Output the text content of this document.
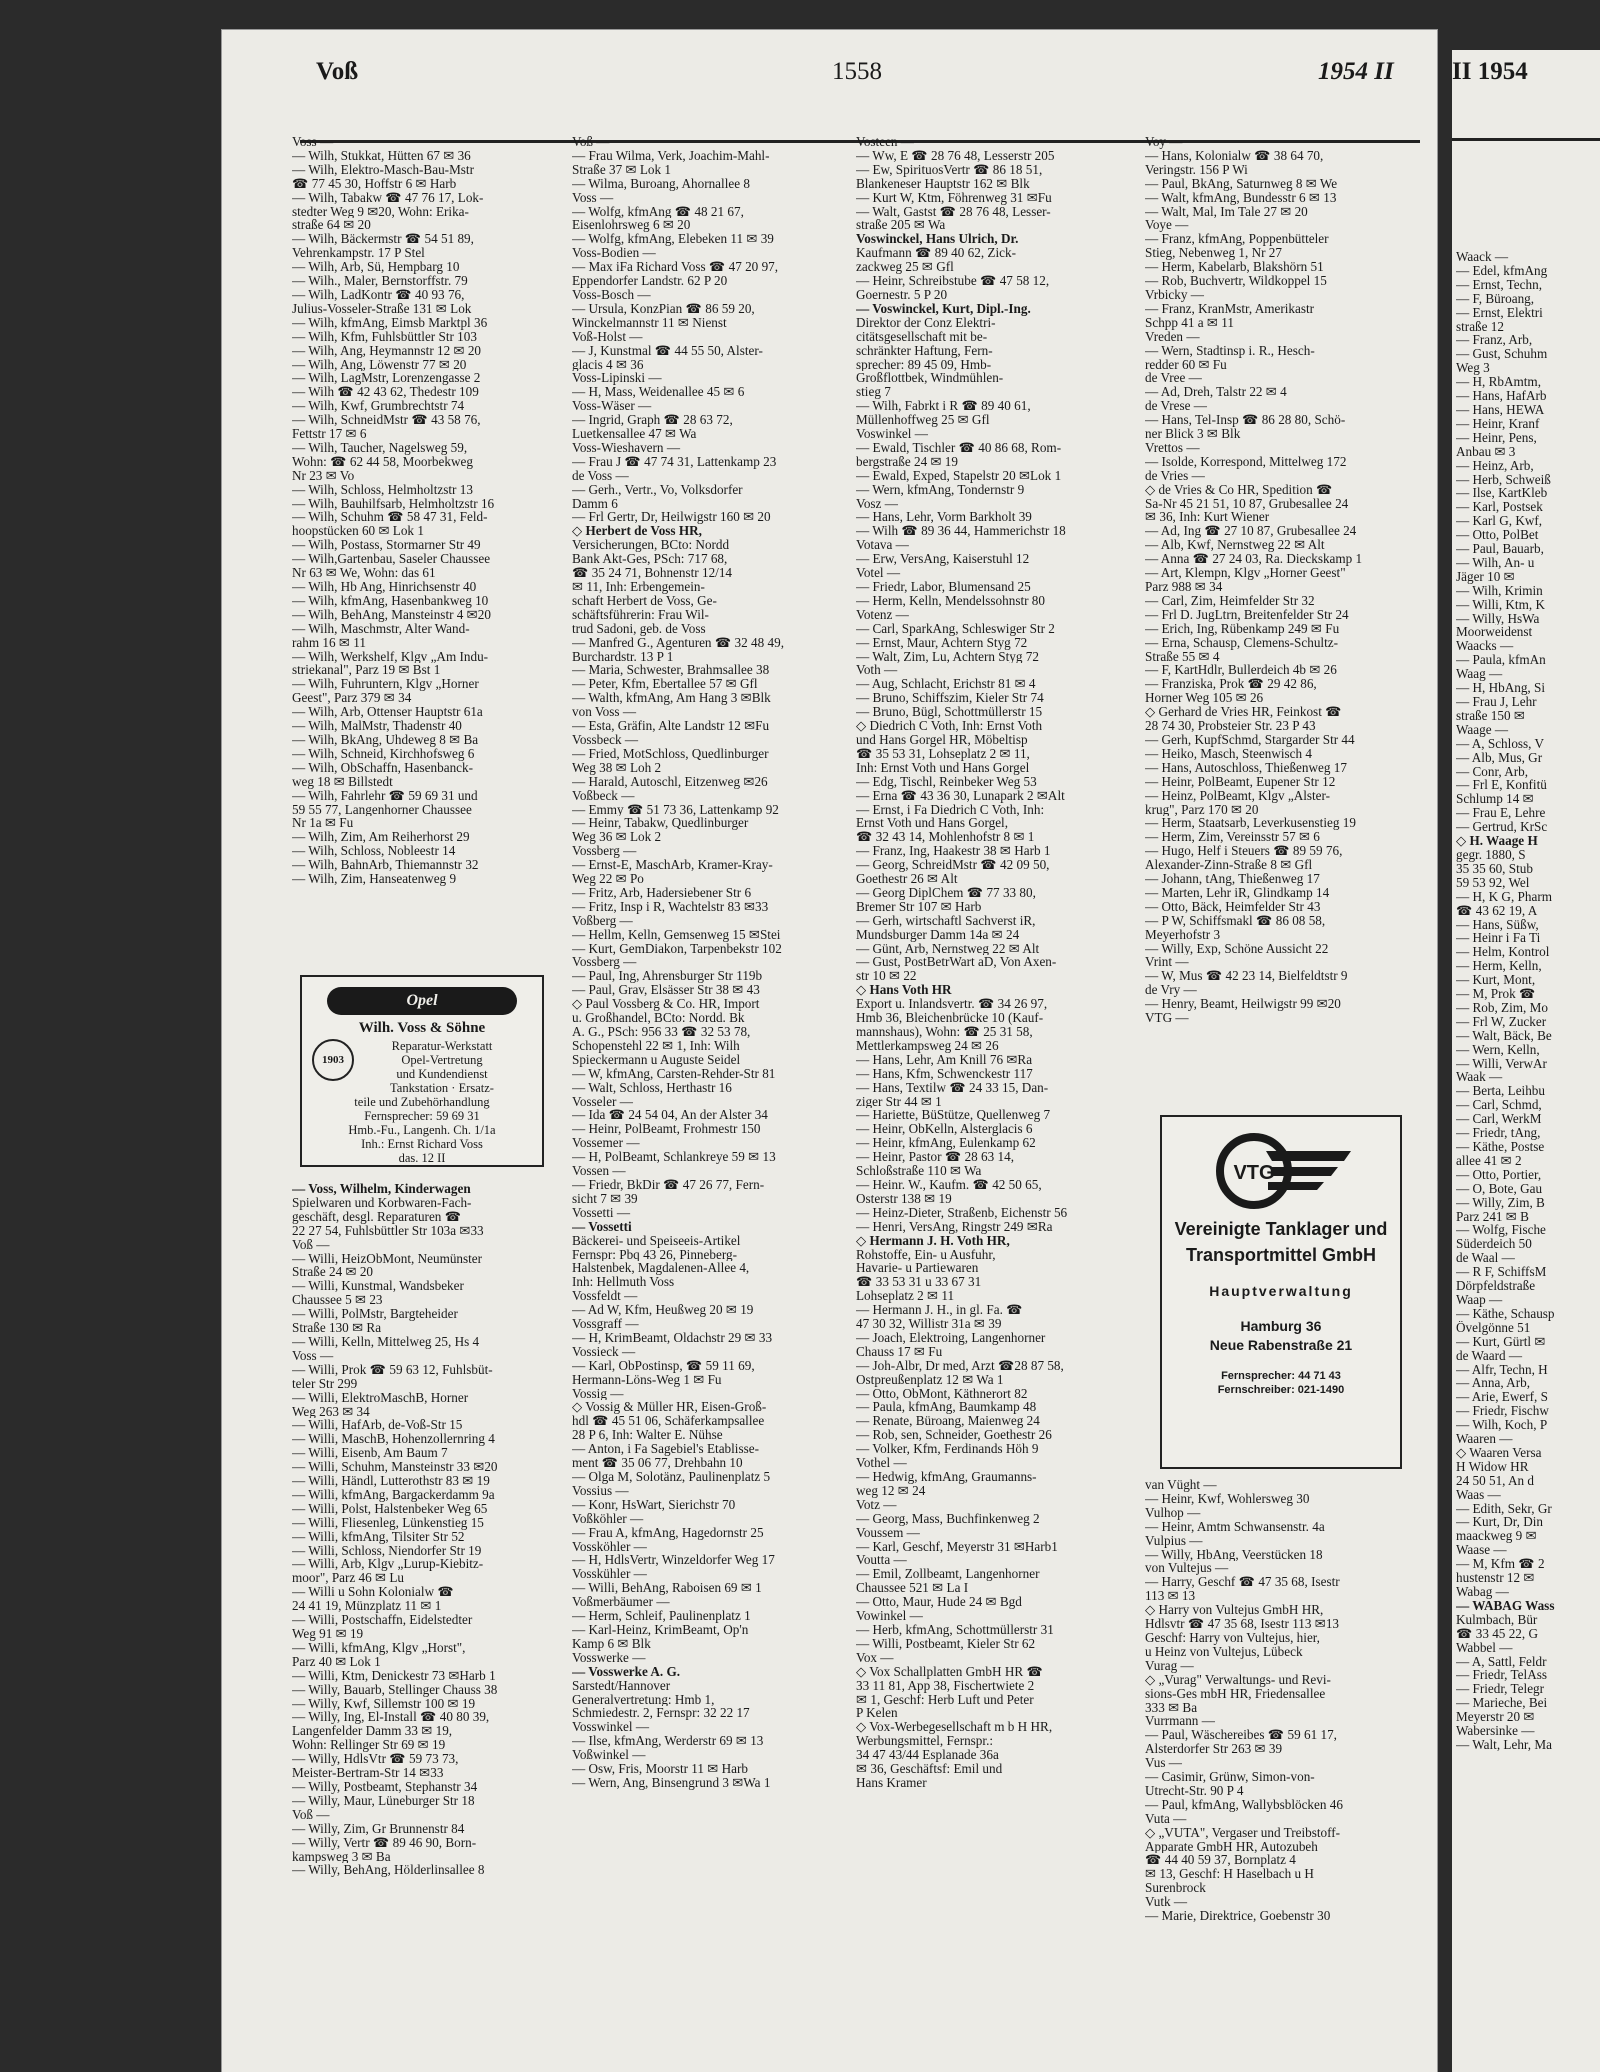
II 1954
Voß	1558	1954 II

Voss —

— Wilh, Stukkat, Hütten 67 ✉ 36

— Wilh, Elektro-Masch-Bau-Mstr

☎ 77 45 30, Hoffstr 6 ✉ Harb

— Wilh, Tabakw ☎ 47 76 17, Lok-

stedter Weg 9 ✉20, Wohn: Erika-

straße 64 ✉ 20

— Wilh, Bäckermstr ☎ 54 51 89,

Vehrenkampstr. 17 P Stel

— Wilh, Arb, Sü, Hempbarg 10

— Wilh., Maler, Bernstorffstr. 79

— Wilh, LadKontr ☎ 40 93 76,

Julius-Vosseler-Straße 131 ✉ Lok

— Wilh, kfmAng, Eimsb Marktpl 36

— Wilh, Kfm, Fuhlsbüttler Str 103

— Wilh, Ang, Heymannstr 12 ✉ 20

— Wilh, Ang, Löwenstr 77 ✉ 20

— Wilh, LagMstr, Lorenzengasse 2

— Wilh ☎ 42 43 62, Thedestr 109

— Wilh, Kwf, Grumbrechtstr 74

— Wilh, SchneidMstr ☎ 43 58 76,

Fettstr 17 ✉ 6

— Wilh, Taucher, Nagelsweg 59,

Wohn: ☎ 62 44 58, Moorbekweg

Nr 23 ✉ Vo

— Wilh, Schloss, Helmholtzstr 13

— Wilh, Bauhilfsarb, Helmholtzstr 16

— Wilh, Schuhm ☎ 58 47 31, Feld-

hoopstücken 60 ✉ Lok 1

— Wilh, Postass, Stormarner Str 49

— Wilh,Gartenbau, Saseler Chaussee

Nr 63 ✉ We, Wohn: das 61

— Wilh, Hb Ang, Hinrichsenstr 40

— Wilh, kfmAng, Hasenbankweg 10

— Wilh, BehAng, Mansteinstr 4 ✉20

— Wilh, Maschmstr, Alter Wand-

rahm 16 ✉ 11

— Wilh, Werkshelf, Klgv „Am Indu-

striekanal", Parz 19 ✉ Bst 1

— Wilh, Fuhruntern, Klgv „Horner

Geest", Parz 379 ✉ 34

— Wilh, Arb, Ottenser Hauptstr 61a

— Wilh, MalMstr, Thadenstr 40

— Wilh, BkAng, Uhdeweg 8 ✉ Ba

— Wilh, Schneid, Kirchhofsweg 6

— Wilh, ObSchaffn, Hasenbanck-

weg 18 ✉ Billstedt

— Wilh, Fahrlehr ☎ 59 69 31 und

59 55 77, Langenhorner Chaussee

Nr 1a ✉ Fu

— Wilh, Zim, Am Reiherhorst 29

— Wilh, Schloss, Nobleestr 14

— Wilh, BahnArb, Thiemannstr 32

— Wilh, Zim, Hanseatenweg 9

— Voss, Wilhelm, Kinderwagen

Spielwaren und Korbwaren-Fach-

geschäft, desgl. Reparaturen ☎

22 27 54, Fuhlsbüttler Str 103a ✉33

Voß —

— Willi, HeizObMont, Neumünster

Straße 24 ✉ 20

— Willi, Kunstmal, Wandsbeker

Chaussee 5 ✉ 23

— Willi, PolMstr, Bargteheider

Straße 130 ✉ Ra

— Willi, Kelln, Mittelweg 25, Hs 4

Voss —

— Willi, Prok ☎ 59 63 12, Fuhlsbüt-

teler Str 299

— Willi, ElektroMaschB, Horner

Weg 263 ✉ 34

— Willi, HafArb, de-Voß-Str 15

— Willi, MaschB, Hohenzollernring 4

— Willi, Eisenb, Am Baum 7

— Willi, Schuhm, Mansteinstr 33 ✉20

— Willi, Händl, Lutterothstr 83 ✉ 19

— Willi, kfmAng, Bargackerdamm 9a

— Willi, Polst, Halstenbeker Weg 65

— Willi, Fliesenleg, Lünkenstieg 15

— Willi, kfmAng, Tilsiter Str 52

— Willi, Schloss, Niendorfer Str 19

— Willi, Arb, Klgv „Lurup-Kiebitz-

moor", Parz 46 ✉ Lu

— Willi u Sohn Kolonialw ☎

24 41 19, Münzplatz 11 ✉ 1

— Willi, Postschaffn, Eidelstedter

Weg 91 ✉ 19

— Willi, kfmAng, Klgv „Horst",

Parz 40 ✉ Lok 1

— Willi, Ktm, Denickestr 73 ✉Harb 1

— Willy, Bauarb, Stellinger Chauss 38

— Willy, Kwf, Sillemstr 100 ✉ 19

— Willy, Ing, El-Install ☎ 40 80 39,

Langenfelder Damm 33 ✉ 19,

Wohn: Rellinger Str 69 ✉ 19

— Willy, HdlsVtr ☎ 59 73 73,

Meister-Bertram-Str 14 ✉33

— Willy, Postbeamt, Stephanstr 34

— Willy, Maur, Lüneburger Str 18

Voß —

— Willy, Zim, Gr Brunnenstr 84

— Willy, Vertr ☎ 89 46 90, Born-

kampsweg 3 ✉ Ba

— Willy, BehAng, Hölderlinsallee 8

Voß —

— Frau Wilma, Verk, Joachim-Mahl-

Straße 37 ✉ Lok 1

— Wilma, Buroang, Ahornallee 8

Voss —

— Wolfg, kfmAng ☎ 48 21 67,

Eisenlohrsweg 6 ✉ 20

— Wolfg, kfmAng, Elebeken 11 ✉ 39

Voss-Bodien —

— Max iFa Richard Voss ☎ 47 20 97,

Eppendorfer Landstr. 62 P 20

Voss-Bosch —

— Ursula, KonzPian ☎ 86 59 20,

Winckelmannstr 11 ✉ Nienst

Voß-Holst —

— J, Kunstmal ☎ 44 55 50, Alster-

glacis 4 ✉ 36

Voss-Lipinski —

— H, Mass, Weidenallee 45 ✉ 6

Voss-Wäser —

— Ingrid, Graph ☎ 28 63 72,

Luetkensallee 47 ✉ Wa

Voss-Wieshavern —

— Frau J ☎ 47 74 31, Lattenkamp 23

de Voss —

— Gerh., Vertr., Vo, Volksdorfer

Damm 6

— Frl Gertr, Dr, Heilwigstr 160 ✉ 20

◇ Herbert de Voss HR,

Versicherungen, BCto: Nordd

Bank Akt-Ges, PSch: 717 68,

☎ 35 24 71, Bohnenstr 12/14

✉ 11, Inh: Erbengemein-

schaft Herbert de Voss, Ge-

schäftsführerin: Frau Wil-

trud Sadoni, geb. de Voss

— Manfred G., Agenturen ☎ 32 48 49,

Burchardstr. 13 P 1

— Maria, Schwester, Brahmsallee 38

— Peter, Kfm, Ebertallee 57 ✉ Gfl

— Walth, kfmAng, Am Hang 3 ✉Blk

von Voss —

— Esta, Gräfin, Alte Landstr 12 ✉Fu

Vossbeck —

— Fried, MotSchloss, Quedlinburger

Weg 38 ✉ Loh 2

— Harald, Autoschl, Eitzenweg ✉26

Voßbeck —

— Emmy ☎ 51 73 36, Lattenkamp 92

— Heinr, Tabakw, Quedlinburger

Weg 36 ✉ Lok 2

Vossberg —

— Ernst-E, MaschArb, Kramer-Kray-

Weg 22 ✉ Po

— Fritz, Arb, Hadersiebener Str 6

— Fritz, Insp i R, Wachtelstr 83 ✉33

Voßberg —

— Hellm, Kelln, Gemsenweg 15 ✉Stei

— Kurt, GemDiakon, Tarpenbekstr 102

Vossberg —

— Paul, Ing, Ahrensburger Str 119b

— Paul, Grav, Elsässer Str 38 ✉ 43

◇ Paul Vossberg & Co. HR, Import

u. Großhandel, BCto: Nordd. Bk

A. G., PSch: 956 33 ☎ 32 53 78,

Schopenstehl 22 ✉ 1, Inh: Wilh

Spieckermann u Auguste Seidel

— W, kfmAng, Carsten-Rehder-Str 81

— Walt, Schloss, Herthastr 16

Vosseler —

— Ida ☎ 24 54 04, An der Alster 34

— Heinr, PolBeamt, Frohmestr 150

Vossemer —

— H, PolBeamt, Schlankreye 59 ✉ 13

Vossen —

— Friedr, BkDir ☎ 47 26 77, Fern-

sicht 7 ✉ 39

Vossetti —

— Vossetti

Bäckerei- und Speiseeis-Artikel

Fernspr: Pbq 43 26, Pinneberg-

Halstenbek, Magdalenen-Allee 4,

Inh: Hellmuth Voss

Vossfeldt —

— Ad W, Kfm, Heußweg 20 ✉ 19

Vossgraff —

— H, KrimBeamt, Oldachstr 29 ✉ 33

Vossieck —

— Karl, ObPostinsp, ☎ 59 11 69,

Hermann-Löns-Weg 1 ✉ Fu

Vossig —

◇ Vossig & Müller HR, Eisen-Groß-

hdl ☎ 45 51 06, Schäferkampsallee

28 P 6, Inh: Walter E. Nühse

— Anton, i Fa Sagebiel's Etablisse-

ment ☎ 35 06 77, Drehbahn 10

— Olga M, Solotänz, Paulinenplatz 5

Vossius —

— Konr, HsWart, Sierichstr 70

Voßköhler —

— Frau A, kfmAng, Hagedornstr 25

Vossköhler —

— H, HdlsVertr, Winzeldorfer Weg 17

Vosskühler —

— Willi, BehAng, Raboisen 69 ✉ 1

Voßmerbäumer —

— Herm, Schleif, Paulinenplatz 1

— Karl-Heinz, KrimBeamt, Op'n

Kamp 6 ✉ Blk

Vosswerke —

— Vosswerke A. G.

Sarstedt/Hannover

Generalvertretung: Hmb 1,

Schmiedestr. 2, Fernspr: 32 22 17

Vosswinkel —

— Ilse, kfmAng, Werderstr 69 ✉ 13

Voßwinkel —

— Osw, Fris, Moorstr 11 ✉ Harb

— Wern, Ang, Binsengrund 3 ✉Wa 1

Vosteen —

— Ww, E ☎ 28 76 48, Lesserstr 205

— Ew, SpirituosVertr ☎ 86 18 51,

Blankeneser Hauptstr 162 ✉ Blk

— Kurt W, Ktm, Föhrenweg 31 ✉Fu

— Walt, Gastst ☎ 28 76 48, Lesser-

straße 205 ✉ Wa

Voswinckel, Hans Ulrich, Dr.

Kaufmann ☎ 89 40 62, Zick-

zackweg 25 ✉ Gfl

— Heinr, Schreibstube ☎ 47 58 12,

Goernestr. 5 P 20

— Voswinckel, Kurt, Dipl.-Ing.

Direktor der Conz Elektri-

citätsgesellschaft mit be-

schränkter Haftung, Fern-

sprecher: 89 45 09, Hmb-

Großflottbek, Windmühlen-

stieg 7

— Wilh, Fabrkt i R ☎ 89 40 61,

Müllenhoffweg 25 ✉ Gfl

Voswinkel —

— Ewald, Tischler ☎ 40 86 68, Rom-

bergstraße 24 ✉ 19

— Ewald, Exped, Stapelstr 20 ✉Lok 1

— Wern, kfmAng, Tondernstr 9

Vosz —

— Hans, Lehr, Vorm Barkholt 39

— Wilh ☎ 89 36 44, Hammerichstr 18

Votava —

— Erw, VersAng, Kaiserstuhl 12

Votel —

— Friedr, Labor, Blumensand 25

— Herm, Kelln, Mendelssohnstr 80

Votenz —

— Carl, SparkAng, Schleswiger Str 2

— Ernst, Maur, Achtern Styg 72

— Walt, Zim, Lu, Achtern Styg 72

Voth —

— Aug, Schlacht, Erichstr 81 ✉ 4

— Bruno, Schiffszim, Kieler Str 74

— Bruno, Bügl, Schottmüllerstr 15

◇ Diedrich C Voth, Inh: Ernst Voth

und Hans Gorgel HR, Möbeltisp

☎ 35 53 31, Lohseplatz 2 ✉ 11,

Inh: Ernst Voth und Hans Gorgel

— Edg, Tischl, Reinbeker Weg 53

— Erna ☎ 43 36 30, Lunapark 2 ✉Alt

— Ernst, i Fa Diedrich C Voth, Inh:

Ernst Voth und Hans Gorgel,

☎ 32 43 14, Mohlenhofstr 8 ✉ 1

— Franz, Ing, Haakestr 38 ✉ Harb 1

— Georg, SchreidMstr ☎ 42 09 50,

Goethestr 26 ✉ Alt

— Georg DiplChem ☎ 77 33 80,

Bremer Str 107 ✉ Harb

— Gerh, wirtschaftl Sachverst iR,

Mundsburger Damm 14a ✉ 24

— Günt, Arb, Nernstweg 22 ✉ Alt

— Gust, PostBetrWart aD, Von Axen-

str 10 ✉ 22

◇ Hans Voth HR

Export u. Inlandsvertr. ☎ 34 26 97,

Hmb 36, Bleichenbrücke 10 (Kauf-

mannshaus), Wohn: ☎ 25 31 58,

Mettlerkampsweg 24 ✉ 26

— Hans, Lehr, Am Knill 76 ✉Ra

— Hans, Kfm, Schwenckestr 117

— Hans, Textilw ☎ 24 33 15, Dan-

ziger Str 44 ✉ 1

— Hariette, BüStütze, Quellenweg 7

— Heinr, ObKelln, Alsterglacis 6

— Heinr, kfmAng, Eulenkamp 62

— Heinr, Pastor ☎ 28 63 14,

Schloßstraße 110 ✉ Wa

— Heinr. W., Kaufm. ☎ 42 50 65,

Osterstr 138 ✉ 19

— Heinz-Dieter, Straßenb, Eichenstr 56

— Henri, VersAng, Ringstr 249 ✉Ra

◇ Hermann J. H. Voth HR,

Rohstoffe, Ein- u Ausfuhr,

Havarie- u Partiewaren

☎ 33 53 31 u 33 67 31

Lohseplatz 2 ✉ 11

— Hermann J. H., in gl. Fa. ☎

47 30 32, Willistr 31a ✉ 39

— Joach, Elektroing, Langenhorner

Chauss 17 ✉ Fu

— Joh-Albr, Dr med, Arzt ☎28 87 58,

Ostpreußenplatz 12 ✉ Wa 1

— Otto, ObMont, Käthnerort 82

— Paula, kfmAng, Baumkamp 48

— Renate, Büroang, Maienweg 24

— Rob, sen, Schneider, Goethestr 26

— Volker, Kfm, Ferdinands Höh 9

Vothel —

— Hedwig, kfmAng, Graumanns-

weg 12 ✉ 24

Votz —

— Georg, Mass, Buchfinkenweg 2

Voussem —

— Karl, Geschf, Meyerstr 31 ✉Harb1

Voutta —

— Emil, Zollbeamt, Langenhorner

Chaussee 521 ✉ La I

— Otto, Maur, Hude 24 ✉ Bgd

Vowinkel —

— Herb, kfmAng, Schottmüllerstr 31

— Willi, Postbeamt, Kieler Str 62

Vox —

◇ Vox Schallplatten GmbH HR ☎

33 11 81, App 38, Fischertwiete 2

✉ 1, Geschf: Herb Luft und Peter

P Kelen

◇ Vox-Werbegesellschaft m b H HR,

Werbungsmittel, Fernspr.:

34 47 43/44 Esplanade 36a

✉ 36, Geschäftsf: Emil und

Hans Kramer

Voy —

— Hans, Kolonialw ☎ 38 64 70,

Veringstr. 156 P Wi

— Paul, BkAng, Saturnweg 8 ✉ We

— Walt, kfmAng, Bundesstr 6 ✉ 13

— Walt, Mal, Im Tale 27 ✉ 20

Voye —

— Franz, kfmAng, Poppenbütteler

Stieg, Nebenweg 1, Nr 27

— Herm, Kabelarb, Blakshörn 51

— Rob, Buchvertr, Wildkoppel 15

Vrbicky —

— Franz, KranMstr, Amerikastr

Schpp 41 a ✉ 11

Vreden —

— Wern, Stadtinsp i. R., Hesch-

redder 60 ✉ Fu

de Vree —

— Ad, Dreh, Talstr 22 ✉ 4

de Vrese —

— Hans, Tel-Insp ☎ 86 28 80, Schö-

ner Blick 3 ✉ Blk

Vrettos —

— Isolde, Korrespond, Mittelweg 172

de Vries —

◇ de Vries & Co HR, Spedition ☎

Sa-Nr 45 21 51, 10 87, Grubesallee 24

✉ 36, Inh: Kurt Wiener

— Ad, Ing ☎ 27 10 87, Grubesallee 24

— Alb, Kwf, Nernstweg 22 ✉ Alt

— Anna ☎ 27 24 03, Ra. Dieckskamp 1

— Art, Klempn, Klgv „Horner Geest"

Parz 988 ✉ 34

— Carl, Zim, Heimfelder Str 32

— Frl D. JugLtrn, Breitenfelder Str 24

— Erich, Ing, Rübenkamp 249 ✉ Fu

— Erna, Schausp, Clemens-Schultz-

Straße 55 ✉ 4

— F, KartHdlr, Bullerdeich 4b ✉ 26

— Franziska, Prok ☎ 29 42 86,

Horner Weg 105 ✉ 26

◇ Gerhard de Vries HR, Feinkost ☎

28 74 30, Probsteier Str. 23 P 43

— Gerh, KupfSchmd, Stargarder Str 44

— Heiko, Masch, Steenwisch 4

— Hans, Autoschloss, Thießenweg 17

— Heinr, PolBeamt, Eupener Str 12

— Heinz, PolBeamt, Klgv „Alster-

krug", Parz 170 ✉ 20

— Herm, Staatsarb, Leverkusenstieg 19

— Herm, Zim, Vereinsstr 57 ✉ 6

— Hugo, Helf i Steuers ☎ 89 59 76,

Alexander-Zinn-Straße 8 ✉ Gfl

— Johann, tAng, Thießenweg 17

— Marten, Lehr iR, Glindkamp 14

— Otto, Bäck, Heimfelder Str 43

— P W, Schiffsmakl ☎ 86 08 58,

Meyerhofstr 3

— Willy, Exp, Schöne Aussicht 22

Vrint —

— W, Mus ☎ 42 23 14, Bielfeldtstr 9

de Vry —

— Henry, Beamt, Heilwigstr 99 ✉20

VTG —

van Vüght —

— Heinr, Kwf, Wohlersweg 30

Vulhop —

— Heinr, Amtm Schwansenstr. 4a

Vulpius —

— Willy, HbAng, Veerstücken 18

von Vultejus —

— Harry, Geschf ☎ 47 35 68, Isestr

113 ✉ 13

◇ Harry von Vultejus GmbH HR,

Hdlsvtr ☎ 47 35 68, Isestr 113 ✉13

Geschf: Harry von Vultejus, hier,

u Heinz von Vultejus, Lübeck

Vurag —

◇ „Vurag" Verwaltungs- und Revi-

sions-Ges mbH HR, Friedensallee

333 ✉ Ba

Vurrmann —

— Paul, Wäschereibes ☎ 59 61 17,

Alsterdorfer Str 263 ✉ 39

Vus —

— Casimir, Grünw, Simon-von-

Utrecht-Str. 90 P 4

— Paul, kfmAng, Wallybsblöcken 46

Vuta —

◇ „VUTA", Vergaser und Treibstoff-

Apparate GmbH HR, Autozubeh

☎ 44 40 59 37, Bornplatz 4

✉ 13, Geschf: H Haselbach u H

Surenbrock

Vutk —

— Marie, Direktrice, Goebenstr 30

Waack —

— Edel, kfmAng

— Ernst, Techn,

— F, Büroang,

— Ernst, Elektri

straße 12

— Franz, Arb,

— Gust, Schuhm

Weg 3

— H, RbAmtm,

— Hans, HafArb

— Hans, HEWA

— Heinr, Kranf

— Heinr, Pens,

Anbau ✉ 3

— Heinz, Arb,

— Herb, Schweiß

— Ilse, KartKleb

— Karl, Postsek

— Karl G, Kwf,

— Otto, PolBet

— Paul, Bauarb,

— Wilh, An- u

Jäger 10 ✉

— Wilh, Krimin

— Willi, Ktm, K

— Willy, HsWa

Moorweidenst

Waacks —

— Paula, kfmAn

Waag —

— H, HbAng, Si

— Frau J, Lehr

straße 150 ✉

Waage —

— A, Schloss, V

— Alb, Mus, Gr

— Conr, Arb,

— Frl E, Konfitü

Schlump 14 ✉

— Frau E, Lehre

— Gertrud, KrSc

◇ H. Waage H

gegr. 1880, S

35 35 60, Stub

59 53 92, Wel

— H, K G, Pharm

☎ 43 62 19, A

— Hans, Süßw,

— Heinr i Fa Ti

— Helm, Kontrol

— Herm, Kelln,

— Kurt, Mont,

— M, Prok ☎

— Rob, Zim, Mo

— Frl W, Zucker

— Walt, Bäck, Be

— Wern, Kelln,

— Willi, VerwAr

Waak —

— Berta, Leihbu

— Carl, Schmd,

— Carl, WerkM

— Friedr, tAng,

— Käthe, Postse

allee 41 ✉ 2

— Otto, Portier,

— O, Bote, Gau

— Willy, Zim, B

Parz 241 ✉ B

— Wolfg, Fische

Süderdeich 50

de Waal —

— R F, SchiffsM

Dörpfeldstraße

Waap —

— Käthe, Schausp

Övelgönne 51

— Kurt, Gürtl ✉

de Waard —

— Alfr, Techn, H

— Anna, Arb,

— Arie, Ewerf, S

— Friedr, Fischw

— Wilh, Koch, P

Waaren —

◇ Waaren Versa

H Widow HR

24 50 51, An d

Waas —

— Edith, Sekr, Gr

— Kurt, Dr, Din

maackweg 9 ✉

Waase —

— M, Kfm ☎ 2

hustenstr 12 ✉

Wabag —

— WABAG Wass

Kulmbach, Bür

☎ 33 45 22, G

Wabbel —

— A, Sattl, Feldr

— Friedr, TelAss

— Friedr, Telegr

— Marieche, Bei

Meyerstr 20 ✉

Wabersinke —

— Walt, Lehr, Ma

Opel
Wilh. Voss & Söhne
1903
Reparatur-Werkstatt
Opel-Vertretung
und Kundendienst
Tankstation · Ersatz-
teile und Zubehörhandlung
Fernsprecher: 59 69 31
Hmb.-Fu., Langenh. Ch. 1/1a
Inh.: Ernst Richard Voss
das. 12 II
VTG
Vereinigte Tanklager und
Transportmittel GmbH
Hauptverwaltung
Hamburg 36
Neue Rabenstraße 21
Fernsprecher: 44 71 43
Fernschreiber: 021-1490
